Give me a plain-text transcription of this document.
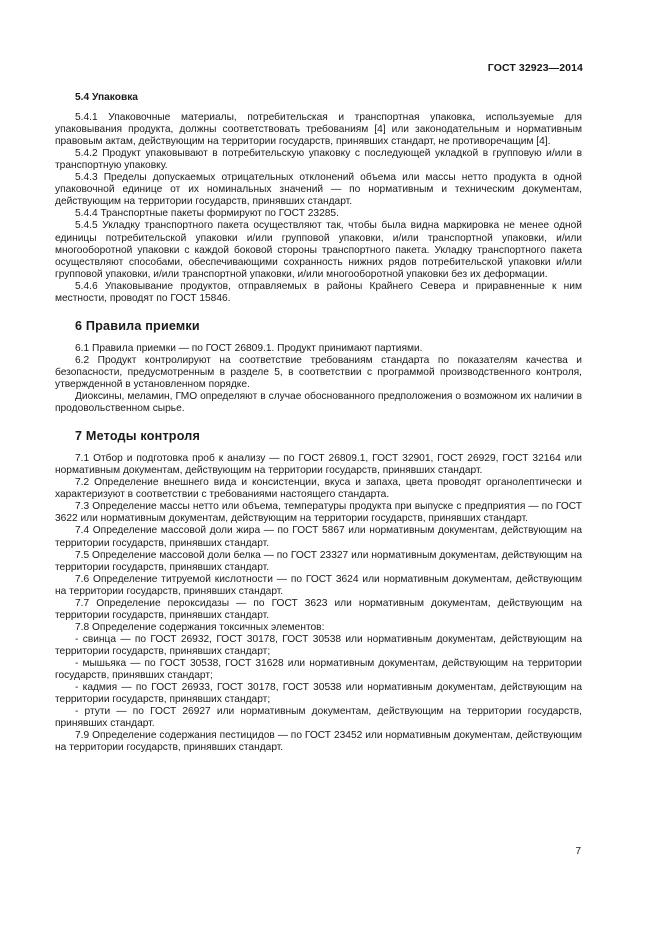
ГОСТ 32923—2014
5.4 Упаковка

5.4.1 Упаковочные материалы, потребительская и транспортная упаковка, используемые для упаковывания продукта, должны соответствовать требованиям [4] или законодательным и нормативным правовым актам, действующим на территории государств, принявших стандарт, не противоречащим [4].

5.4.2 Продукт упаковывают в потребительскую упаковку с последующей укладкой в групповую и/или в транспортную упаковку.

5.4.3 Пределы допускаемых отрицательных отклонений объема или массы нетто продукта в одной упаковочной единице от их номинальных значений — по нормативным и техническим документам, действующим на территории государств, принявших стандарт.

5.4.4 Транспортные пакеты формируют по ГОСТ 23285.

5.4.5 Укладку транспортного пакета осуществляют так, чтобы была видна маркировка не менее одной единицы потребительской упаковки и/или групповой упаковки, и/или транспортной упаковки, и/или многооборотной упаковки с каждой боковой стороны транспортного пакета. Укладку транспортного пакета осуществляют способами, обеспечивающими сохранность нижних рядов потребительской упаковки и/или групповой упаковки, и/или транспортной упаковки, и/или многооборотной упаковки без их деформации.

5.4.6 Упаковывание продуктов, отправляемых в районы Крайнего Севера и приравненные к ним местности, проводят по ГОСТ 15846.

6 Правила приемки

6.1 Правила приемки — по ГОСТ 26809.1. Продукт принимают партиями.

6.2 Продукт контролируют на соответствие требованиям стандарта по показателям качества и безопасности, предусмотренным в разделе 5, в соответствии с программой производственного контроля, утвержденной в установленном порядке.

Диоксины, меламин, ГМО определяют в случае обоснованного предположения о возможном их наличии в продовольственном сырье.

7 Методы контроля

7.1 Отбор и подготовка проб к анализу — по ГОСТ 26809.1, ГОСТ 32901, ГОСТ 26929, ГОСТ 32164 или нормативным документам, действующим на территории государств, принявших стандарт.

7.2 Определение внешнего вида и консистенции, вкуса и запаха, цвета проводят органолептически и характеризуют в соответствии с требованиями настоящего стандарта.

7.3 Определение массы нетто или объема, температуры продукта при выпуске с предприятия — по ГОСТ 3622 или нормативным документам, действующим на территории государств, принявших стандарт.

7.4 Определение массовой доли жира — по ГОСТ 5867 или нормативным документам, действующим на территории государств, принявших стандарт.

7.5 Определение массовой доли белка — по ГОСТ 23327 или нормативным документам, действующим на территории государств, принявших стандарт.

7.6 Определение титруемой кислотности — по ГОСТ 3624 или нормативным документам, действующим на территории государств, принявших стандарт.

7.7 Определение пероксидазы — по ГОСТ 3623 или нормативным документам, действующим на территории государств, принявших стандарт.

7.8 Определение содержания токсичных элементов:

- свинца — по ГОСТ 26932, ГОСТ 30178, ГОСТ 30538 или нормативным документам, действующим на территории государств, принявших стандарт;

- мышьяка — по ГОСТ 30538, ГОСТ 31628 или нормативным документам, действующим на территории государств, принявших стандарт;

- кадмия — по ГОСТ 26933, ГОСТ 30178, ГОСТ 30538 или нормативным документам, действующим на территории государств, принявших стандарт;

- ртути — по ГОСТ 26927 или нормативным документам, действующим на территории государств, принявших стандарт.

7.9 Определение содержания пестицидов — по ГОСТ 23452 или нормативным документам, действующим на территории государств, принявших стандарт.

7
